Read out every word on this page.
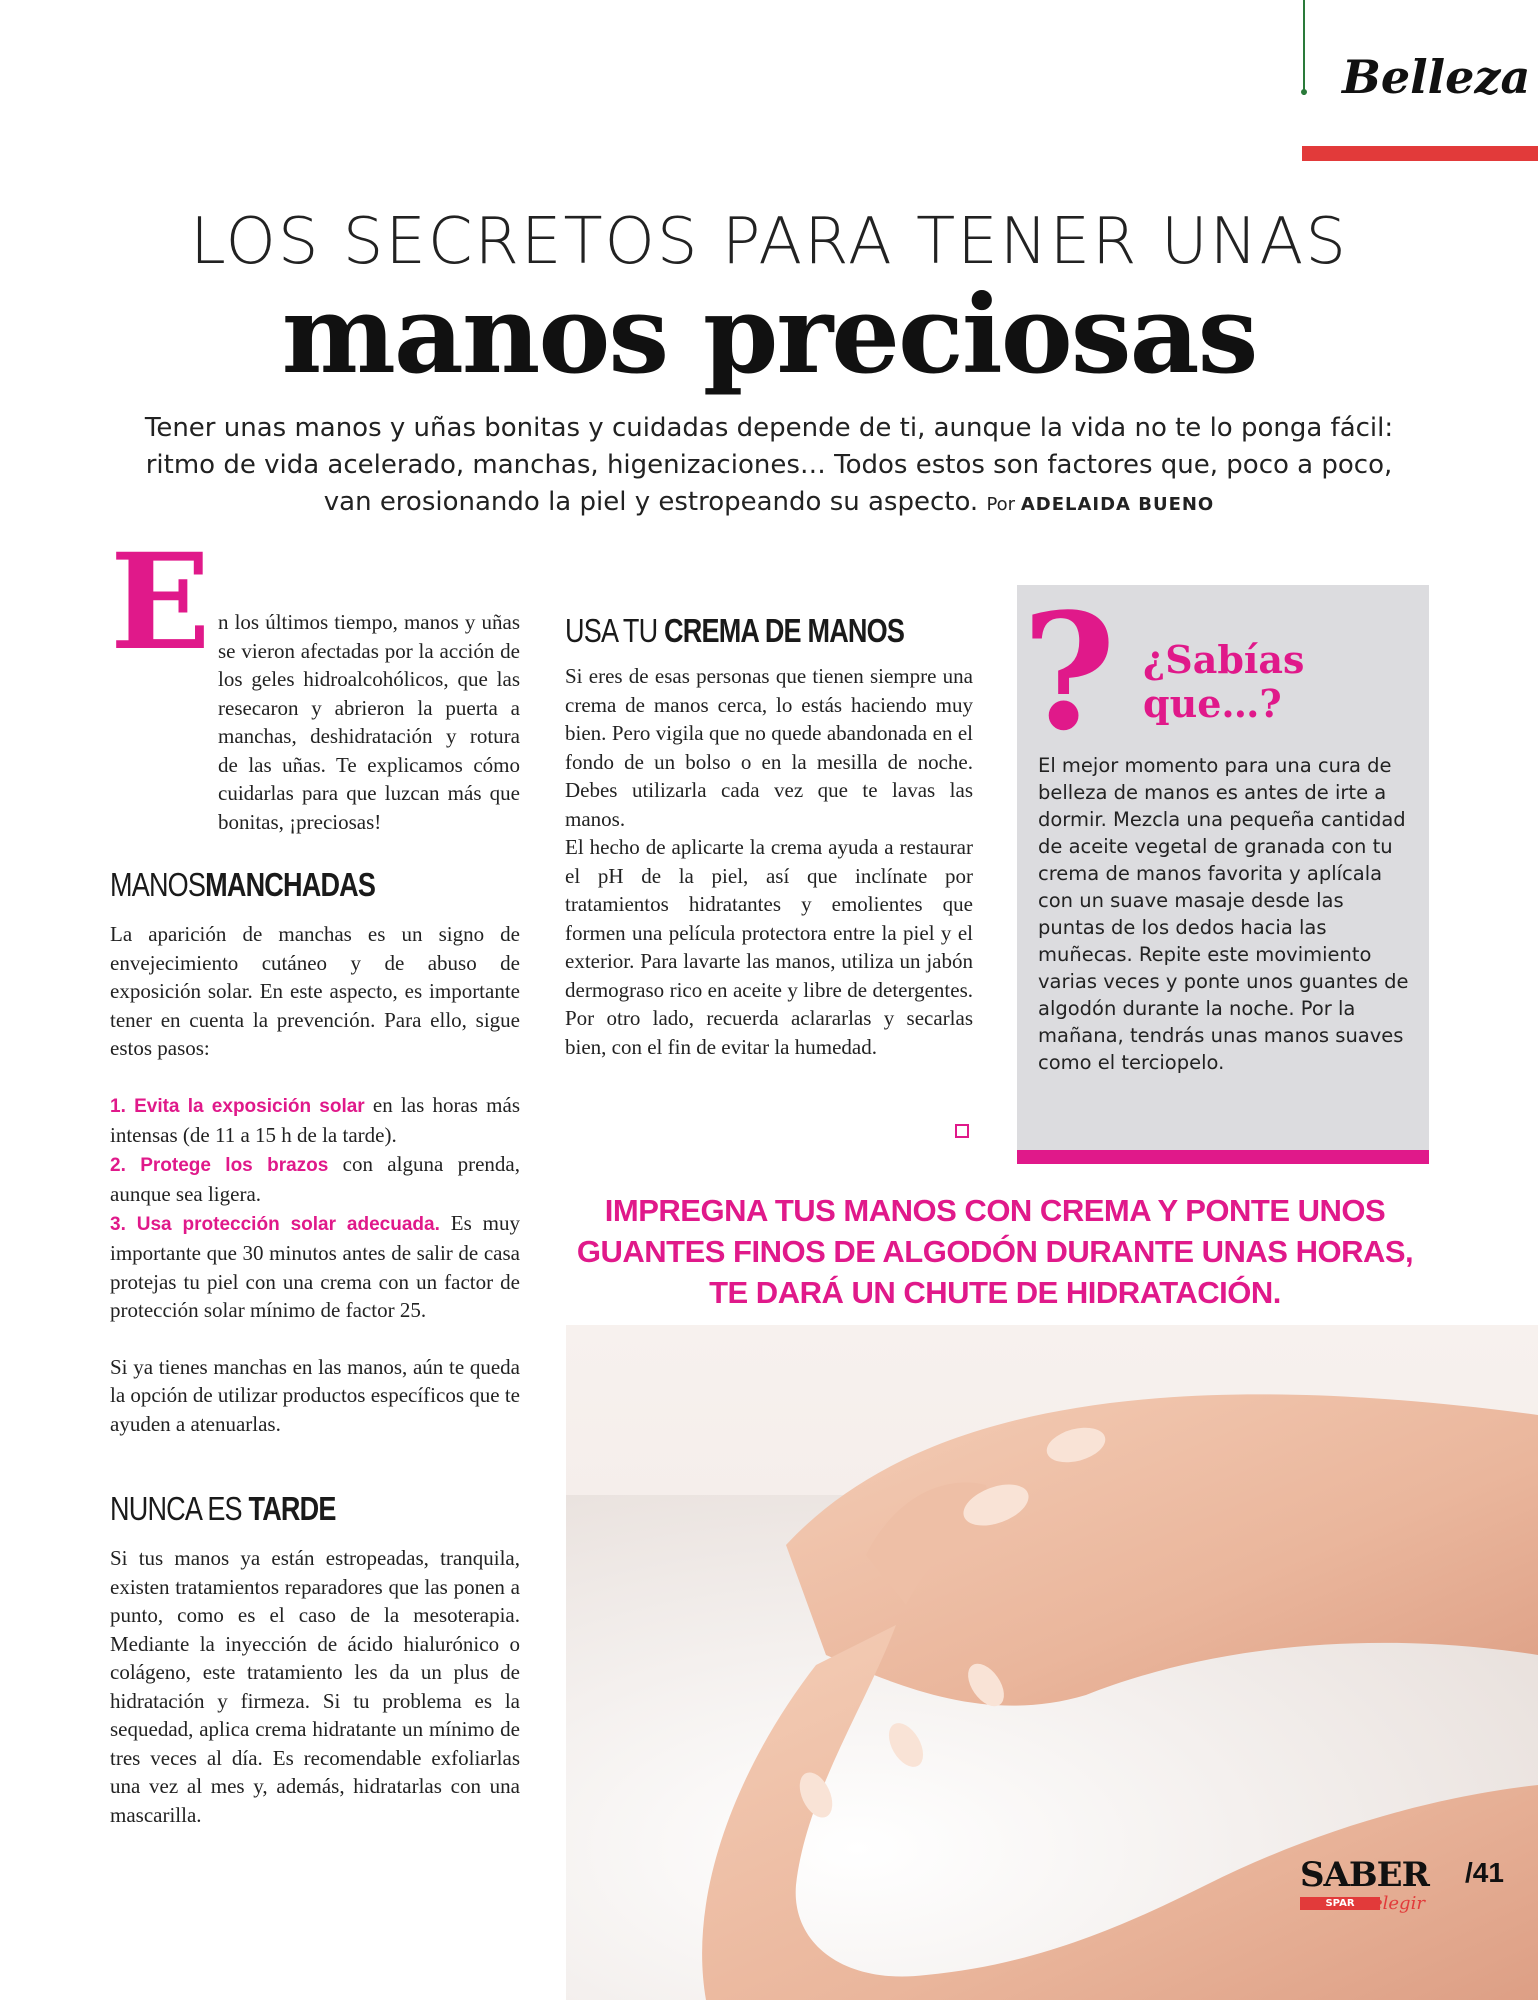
Belleza
LOS SECRETOS PARA TENER UNAS
manos preciosas
Tener unas manos y uñas bonitas y cuidadas depende de ti, aunque la vida no te lo ponga fácil: ritmo de vida acelerado, manchas, higenizaciones… Todos estos son factores que, poco a poco, van erosionando la piel y estropeando su aspecto. Por ADELAIDA BUENO
E n los últimos tiempo, manos y uñas se vieron afectadas por la acción de los geles hidroalcohólicos, que las resecaron y abrieron la puerta a manchas, deshidratación y rotura de las uñas. Te explicamos cómo cuidarlas para que luzcan más que bonitas, ¡preciosas!

MANOSMANCHADAS

La aparición de manchas es un signo de envejecimiento cutáneo y de abuso de exposición solar. En este aspecto, es importante tener en cuenta la prevención. Para ello, sigue estos pasos:

1. Evita la exposición solar en las horas más intensas (de 11 a 15 h de la tarde).

2. Protege los brazos con alguna prenda, aunque sea ligera.

3. Usa protección solar adecuada. Es muy importante que 30 minutos antes de salir de casa protejas tu piel con una crema con un factor de protección solar mínimo de factor 25.

Si ya tienes manchas en las manos, aún te queda la opción de utilizar productos específicos que te ayuden a atenuarlas.

NUNCA ES TARDE

Si tus manos ya están estropeadas, tranquila, existen tratamientos reparadores que las ponen a punto, como es el caso de la mesoterapia. Mediante la inyección de ácido hialurónico o colágeno, este tratamiento les da un plus de hidratación y firmeza. Si tu problema es la sequedad, aplica crema hidratante un mínimo de tres veces al día. Es recomendable exfoliarlas una vez al mes y, además, hidratarlas con una mascarilla.

USA TU CREMA DE MANOS

Si eres de esas personas que tienen siempre una crema de manos cerca, lo estás haciendo muy bien. Pero vigila que no quede abandonada en el fondo de un bolso o en la mesilla de noche. Debes utilizarla cada vez que te lavas las manos.

El hecho de aplicarte la crema ayuda a restaurar el pH de la piel, así que inclínate por tratamientos hidratantes y emolientes que formen una película protectora entre la piel y el exterior. Para lavarte las manos, utiliza un jabón dermograso rico en aceite y libre de detergentes. Por otro lado, recuerda aclararlas y secarlas bien, con el fin de evitar la humedad.

? ¿Sabías que…?
El mejor momento para una cura de belleza de manos es antes de irte a dormir. Mezcla una pequeña cantidad de aceite vegetal de granada con tu crema de manos favorita y aplícala con un suave masaje desde las puntas de los dedos hacia las muñecas. Repite este movimiento varias veces y ponte unos guantes de algodón durante la noche. Por la mañana, tendrás unas manos suaves como el terciopelo.
IMPREGNA TUS MANOS CON CREMA Y PONTE UNOS GUANTES FINOS DE ALGODÓN DURANTE UNAS HORAS, TE DARÁ UN CHUTE DE HIDRATACIÓN.
SABER
SPAR elegir
/41
